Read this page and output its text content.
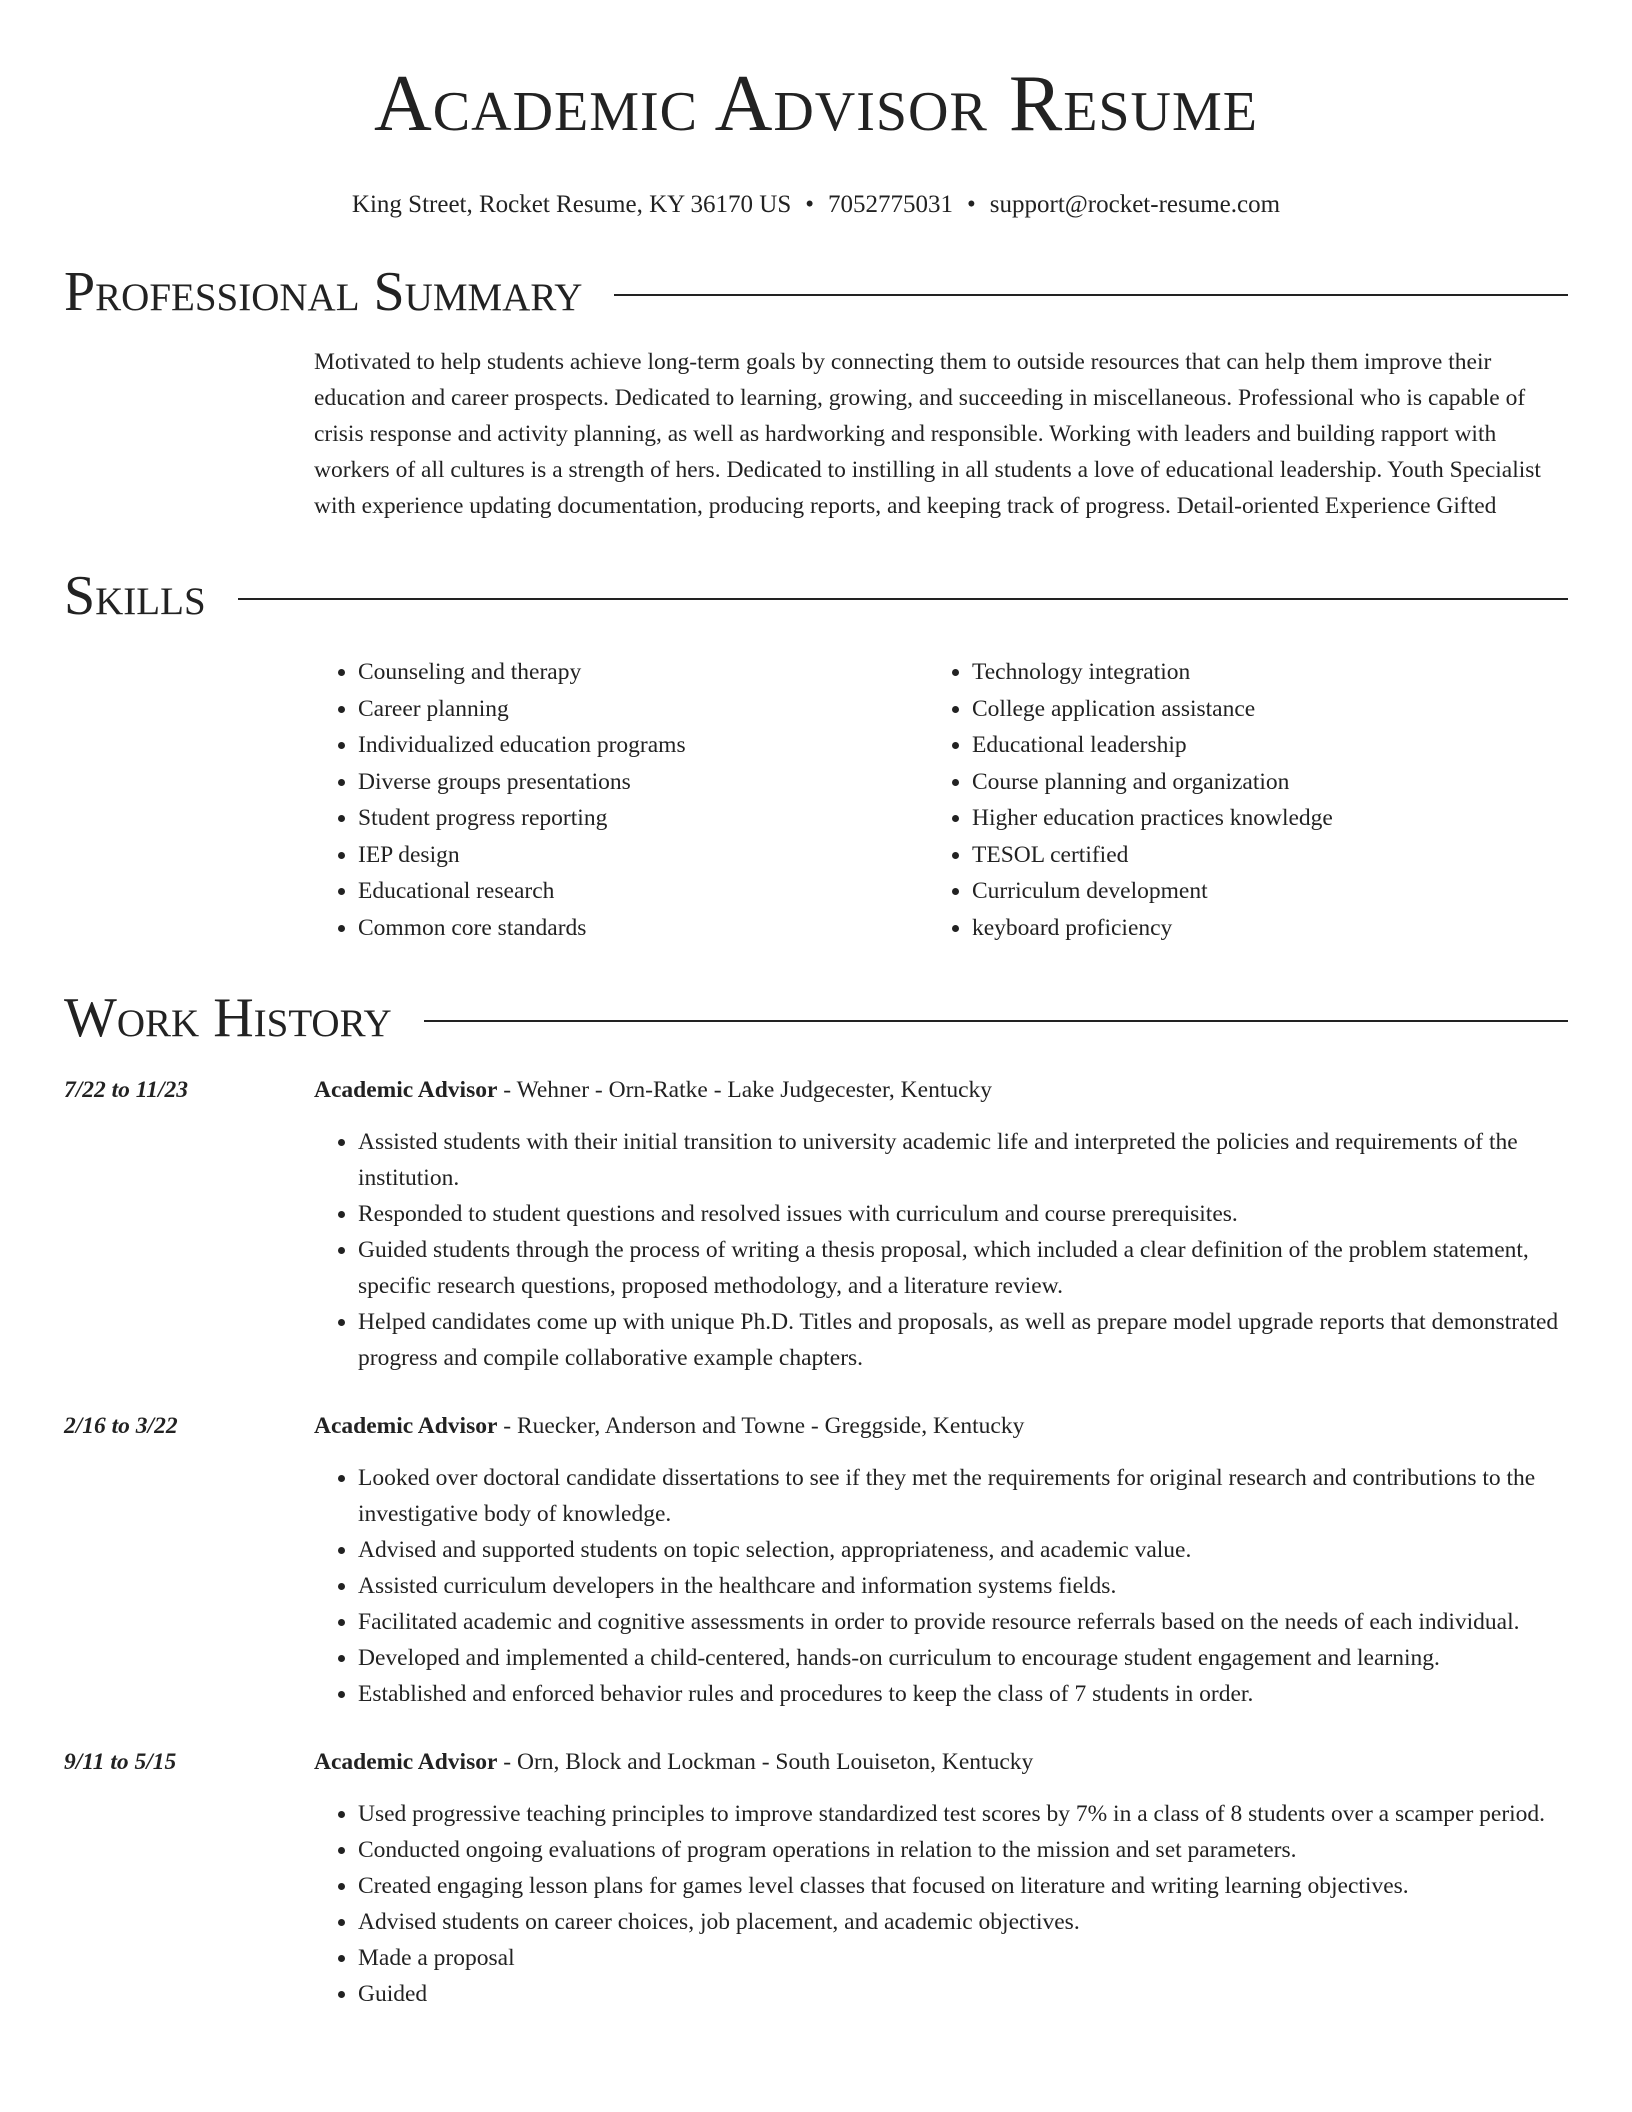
Academic Advisor Resume
King Street, Rocket Resume, KY 36170 US • 7052775031 • support@rocket-resume.com
Professional Summary
Motivated to help students achieve long-term goals by connecting them to outside resources that can help them improve their education and career prospects. Dedicated to learning, growing, and succeeding in miscellaneous. Professional who is capable of crisis response and activity planning, as well as hardworking and responsible. Working with leaders and building rapport with workers of all cultures is a strength of hers. Dedicated to instilling in all students a love of educational leadership. Youth Specialist with experience updating documentation, producing reports, and keeping track of progress. Detail-oriented Experience Gifted
Skills
• Counseling and therapy
• Career planning
• Individualized education programs
• Diverse groups presentations
• Student progress reporting
• IEP design
• Educational research
• Common core standards
• Technology integration
• College application assistance
• Educational leadership
• Course planning and organization
• Higher education practices knowledge
• TESOL certified
• Curriculum development
• keyboard proficiency
Work History
7/22 to 11/23	Academic Advisor - Wehner - Orn-Ratke - Lake Judgecester, Kentucky

• Assisted students with their initial transition to university academic life and interpreted the policies and requirements of the institution.
• Responded to student questions and resolved issues with curriculum and course prerequisites.
• Guided students through the process of writing a thesis proposal, which included a clear definition of the problem statement, specific research questions, proposed methodology, and a literature review.
• Helped candidates come up with unique Ph.D. Titles and proposals, as well as prepare model upgrade reports that demonstrated progress and compile collaborative example chapters.
2/16 to 3/22	Academic Advisor - Ruecker, Anderson and Towne - Greggside, Kentucky

• Looked over doctoral candidate dissertations to see if they met the requirements for original research and contributions to the investigative body of knowledge.
• Advised and supported students on topic selection, appropriateness, and academic value.
• Assisted curriculum developers in the healthcare and information systems fields.
• Facilitated academic and cognitive assessments in order to provide resource referrals based on the needs of each individual.
• Developed and implemented a child-centered, hands-on curriculum to encourage student engagement and learning.
• Established and enforced behavior rules and procedures to keep the class of 7 students in order.
9/11 to 5/15	Academic Advisor - Orn, Block and Lockman - South Louiseton, Kentucky

• Used progressive teaching principles to improve standardized test scores by 7% in a class of 8 students over a scamper period.
• Conducted ongoing evaluations of program operations in relation to the mission and set parameters.
• Created engaging lesson plans for games level classes that focused on literature and writing learning objectives.
• Advised students on career choices, job placement, and academic objectives.
• Made a proposal
• Guided
